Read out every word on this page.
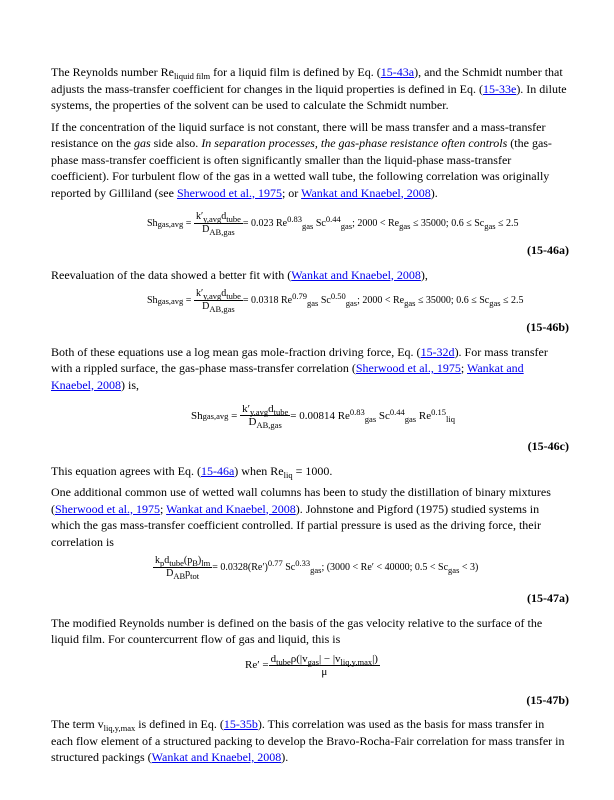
The Reynolds number $Re_{liquid film}$ for a liquid film is defined by Eq. (15-43a), and the Schmidt number that adjusts the mass-transfer coefficient for changes in the liquid properties is defined in Eq. (15-33e). In dilute systems, the properties of the solvent can be used to calculate the Schmidt number.

If the concentration of the liquid surface is not constant, there will be mass transfer and a mass-transfer resistance on the gas side also. In separation processes, the gas-phase resistance often controls (the gas-phase mass-transfer coefficient is often significantly smaller than the liquid-phase mass-transfer coefficient). For turbulent flow of the gas in a wetted wall tube, the following correlation was originally reported by Gilliland (see Sherwood et al., 1975; or Wankat and Knaebel, 2008).

Sh $gas,avg = \frac{k'_{y,avg}d_{tube}}{D_{AB,gas}} = 0.023$ $Re^{0.83}_{gas}$ $Sc^{0.44}_{gas}$; $2000 < Re_{gas} \le 35000$; $0.6 \le Sc_{gas} \le 2.5$
(15-46a)

Reevaluation of the data showed a better fit with (Wankat and Knaebel, 2008),

Sh $gas,avg = \frac{k'_{y,avg}d_{tube}}{D_{AB,gas}} = 0.0318$ $Re^{0.79}_{gas}$ $Sc^{0.50}_{gas}$; $2000 < Re_{gas} \le 35000$; $0.6 \le Sc_{gas} \le 2.5$
(15-46b)

Both of these equations use a log mean gas mole-fraction driving force, Eq. (15-32d). For mass transfer with a rippled surface, the gas-phase mass-transfer correlation (Sherwood et al., 1975; Wankat and Knaebel, 2008) is,

Sh $gas,avg = \frac{k'_{y,avg}d_{tube}}{D_{AB,gas}} = 0.00814$ $Re^{0.83}_{gas}$ $Sc^{0.44}_{gas}$ $Re^{0.15}_{liq}$
(15-46c)

This equation agrees with Eq. (15-46a) when $Re_{liq} = 1000$.

One additional common use of wetted wall columns has been to study the distillation of binary mixtures (Sherwood et al., 1975; Wankat and Knaebel, 2008). Johnstone and Pigford (1975) studied systems in which the gas mass-transfer coefficient controlled. If partial pressure is used as the driving force, their correlation is

$\frac{k_pd_{tube}(p_B)_{lm}}{D_{AB}p_{tot}} = 0.0328(Re')^{0.77}$ $Sc^{0.33}_{gas}$; (3000 < Re′ < 40000; $0.5 < Sc_{gas} < 3$)
(15-47a)

The modified Reynolds number is defined on the basis of the gas velocity relative to the surface of the liquid film. For countercurrent flow of gas and liquid, this is

$Re' = \frac{d_{tube}\rho(|v_{gas}| - |v_{liq,y,max}|)}{\mu}$
(15-47b)

The term $v_{liq,y,max}$ is defined in Eq. (15-35b). This correlation was used as the basis for mass transfer in each flow element of a structured packing to develop the Bravo-Rocha-Fair correlation for mass transfer in structured packings (Wankat and Knaebel, 2008).
